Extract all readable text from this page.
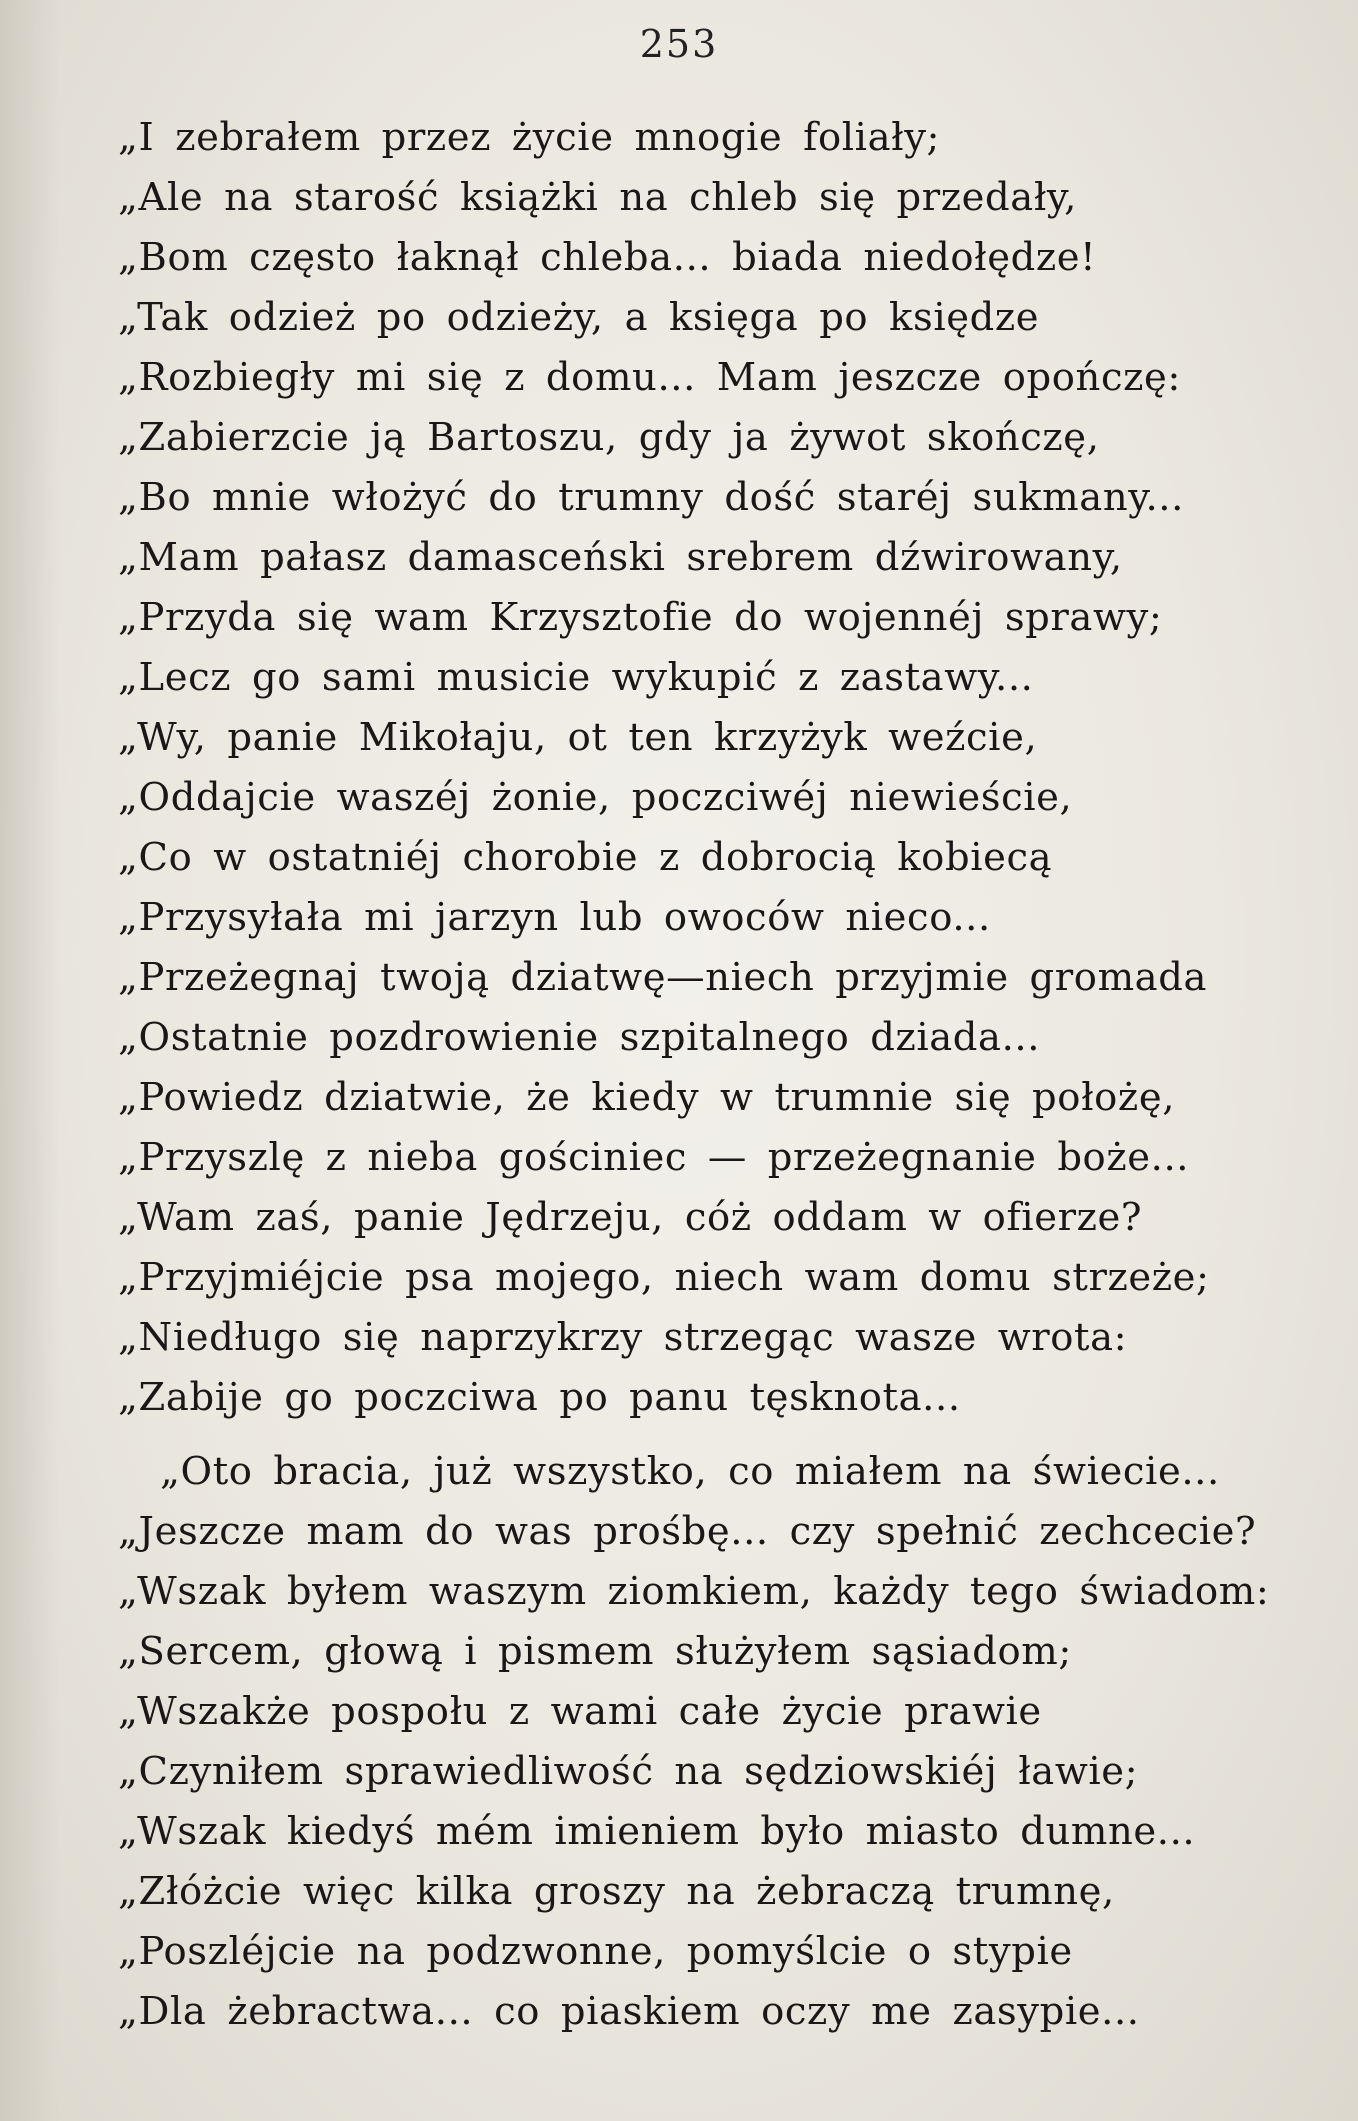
253
„I zebrałem przez życie mnogie foliały;
„Ale na starość książki na chleb się przedały,
„Bom często łaknął chleba... biada niedołędze!
„Tak odzież po odzieży, a księga po księdze
„Rozbiegły mi się z domu... Mam jeszcze opończę:
„Zabierzcie ją Bartoszu, gdy ja żywot skończę,
„Bo mnie włożyć do trumny dość staréj sukmany...
„Mam pałasz damasceński srebrem dźwirowany,
„Przyda się wam Krzysztofie do wojennéj sprawy;
„Lecz go sami musicie wykupić z zastawy...
„Wy, panie Mikołaju, ot ten krzyżyk weźcie,
„Oddajcie waszéj żonie, poczciwéj niewieście,
„Co w ostatniéj chorobie z dobrocią kobiecą
„Przysyłała mi jarzyn lub owoców nieco...
„Przeżegnaj twoją dziatwę—niech przyjmie gromada
„Ostatnie pozdrowienie szpitalnego dziada...
„Powiedz dziatwie, że kiedy w trumnie się położę,
„Przyszlę z nieba gościniec — przeżegnanie boże...
„Wam zaś, panie Jędrzeju, cóż oddam w ofierze?
„Przyjmiéjcie psa mojego, niech wam domu strzeże;
„Niedługo się naprzykrzy strzegąc wasze wrota:
„Zabije go poczciwa po panu tęsknota...
„Oto bracia, już wszystko, co miałem na świecie...
„Jeszcze mam do was prośbę... czy spełnić zechcecie?
„Wszak byłem waszym ziomkiem, każdy tego świadom:
„Sercem, głową i pismem służyłem sąsiadom;
„Wszakże pospołu z wami całe życie prawie
„Czyniłem sprawiedliwość na sędziowskiéj ławie;
„Wszak kiedyś mém imieniem było miasto dumne...
„Złóżcie więc kilka groszy na żebraczą trumnę,
„Poszléjcie na podzwonne, pomyślcie o stypie
„Dla żebractwa... co piaskiem oczy me zasypie...
